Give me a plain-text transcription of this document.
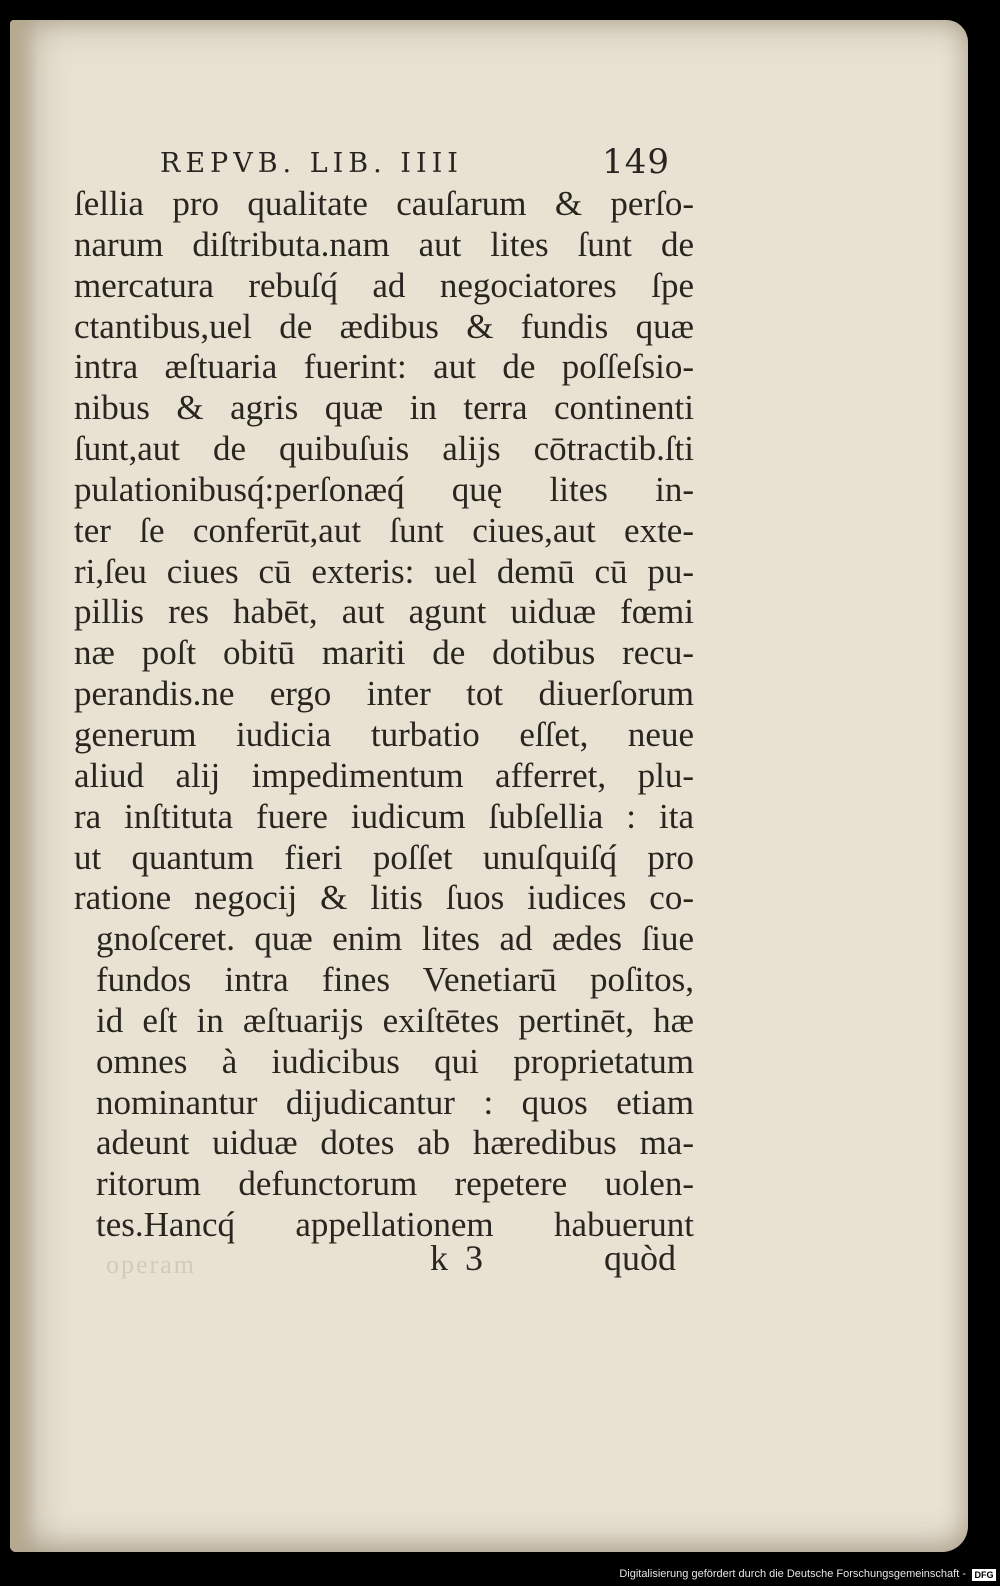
REPVB. LIB. IIII	149
ſellia pro qualitate cauſarum & perſo-
narum diſtributa.nam aut lites ſunt de
mercatura rebuſq́ ad negociatores ſpe
ctantibus,uel de ædibus & fundis quæ
intra æſtuaria fuerint: aut de poſſeſsio-
nibus & agris quæ in terra continenti
ſunt,aut de quibuſuis alijs cōtractib.ſti
pulationibusq́:perſonæq́ quę lites in-
ter ſe conferūt,aut ſunt ciues,aut exte-
ri,ſeu ciues cū exteris: uel demū cū pu-
pillis res habēt, aut agunt uiduæ fœmi
næ poſt obitū mariti de dotibus recu-
perandis.ne ergo inter tot diuerſorum
generum iudicia turbatio eſſet, neue
aliud alij impedimentum afferret, plu-
ra inſtituta fuere iudicum ſubſellia : ita
ut quantum fieri poſſet unuſquiſq́ pro
ratione negocij & litis ſuos iudices co-
gnoſceret. quæ enim lites ad ædes ſiue
fundos intra fines Venetiarū poſitos,
id eſt in æſtuarijs exiſtētes pertinēt, hæ
omnes à iudicibus qui proprietatum
nominantur dijudicantur : quos etiam
adeunt uiduæ dotes ab hæredibus ma-
ritorum defunctorum repetere uolen-
tes.Hancq́ appellationem habuerunt
operam	k 3	quòd
Digitalisierung gefördert durch die Deutsche Forschungsgemeinschaft - DFG
